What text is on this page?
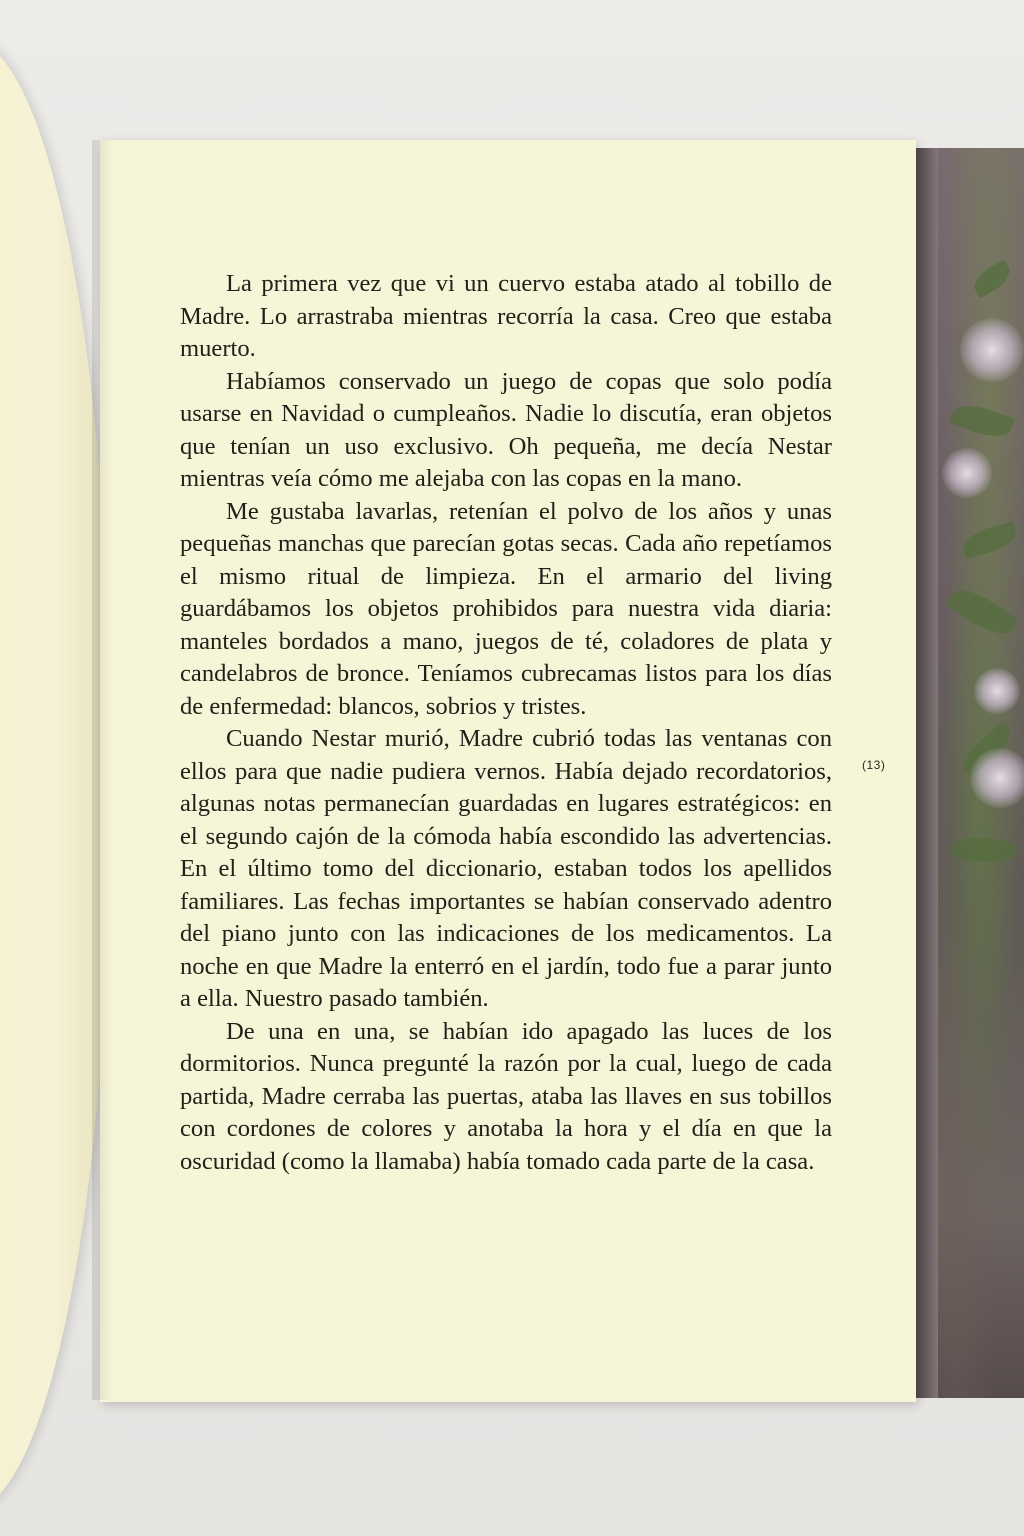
La primera vez que vi un cuervo estaba atado al tobillo de Madre. Lo arrastraba mientras recorría la casa. Creo que estaba muerto.

Habíamos conservado un juego de copas que solo podía usarse en Navidad o cumpleaños. Nadie lo discutía, eran objetos que tenían un uso exclusivo. Oh pequeña, me decía Nestar mientras veía cómo me alejaba con las copas en la mano.

Me gustaba lavarlas, retenían el polvo de los años y unas pequeñas manchas que parecían gotas secas. Cada año repetíamos el mismo ritual de limpieza. En el armario del living guardábamos los objetos prohibidos para nuestra vida diaria: manteles bordados a mano, juegos de té, coladores de plata y candelabros de bronce. Teníamos cubrecamas listos para los días de enfermedad: blancos, sobrios y tristes.

Cuando Nestar murió, Madre cubrió todas las ventanas con ellos para que nadie pudiera vernos. Había dejado recordatorios, algunas notas permanecían guardadas en lugares estratégicos: en el segundo cajón de la cómoda había escondido las advertencias. En el último tomo del diccionario, estaban todos los apellidos familiares. Las fechas importantes se habían conservado adentro del piano junto con las indicaciones de los medicamentos. La noche en que Madre la enterró en el jardín, todo fue a parar junto a ella. Nuestro pasado también.

De una en una, se habían ido apagado las luces de los dormitorios. Nunca pregunté la razón por la cual, luego de cada partida, Madre cerraba las puertas, ataba las llaves en sus tobillos con cordones de colores y anotaba la hora y el día en que la oscuridad (como la llamaba) había tomado cada parte de la casa.

(13)
